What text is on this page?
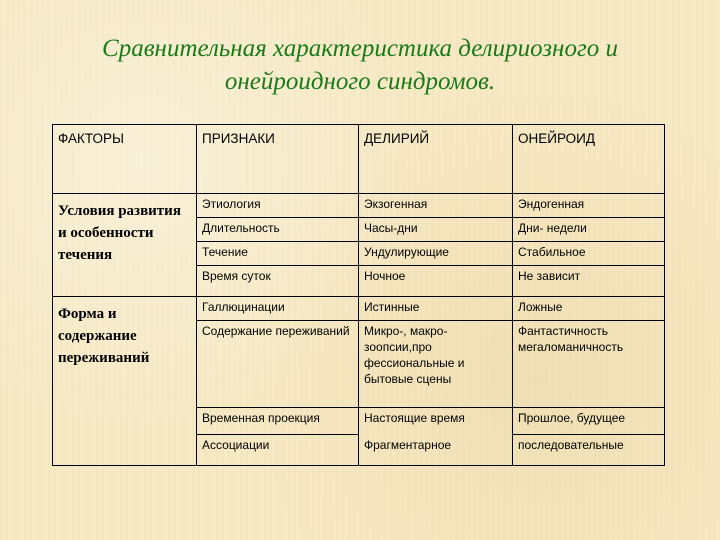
Сравнительная характеристика делириозного и
онейроидного синдромов.
ФАКТОРЫ	ПРИЗНАКИ	ДЕЛИРИЙ	ОНЕЙРОИД
Условия развития и особенности течения	Этиология	Экзогенная	Эндогенная
	Длительность	Часы-дни	Дни- недели
	Течение	Ундулирующие	Стабильное
	Время суток	Ночное	Не зависит
Форма и содержание переживаний	Галлюцинации	Истинные	Ложные
	Содержание переживаний	Микро-, макро-зоопсии,про фессиональные и бытовые сцены	Фантастичность мегаломаничность
	Временная проекция	Настоящие время	Прошлое, будущее
	Ассоциации	Фрагментарное	последовательные
